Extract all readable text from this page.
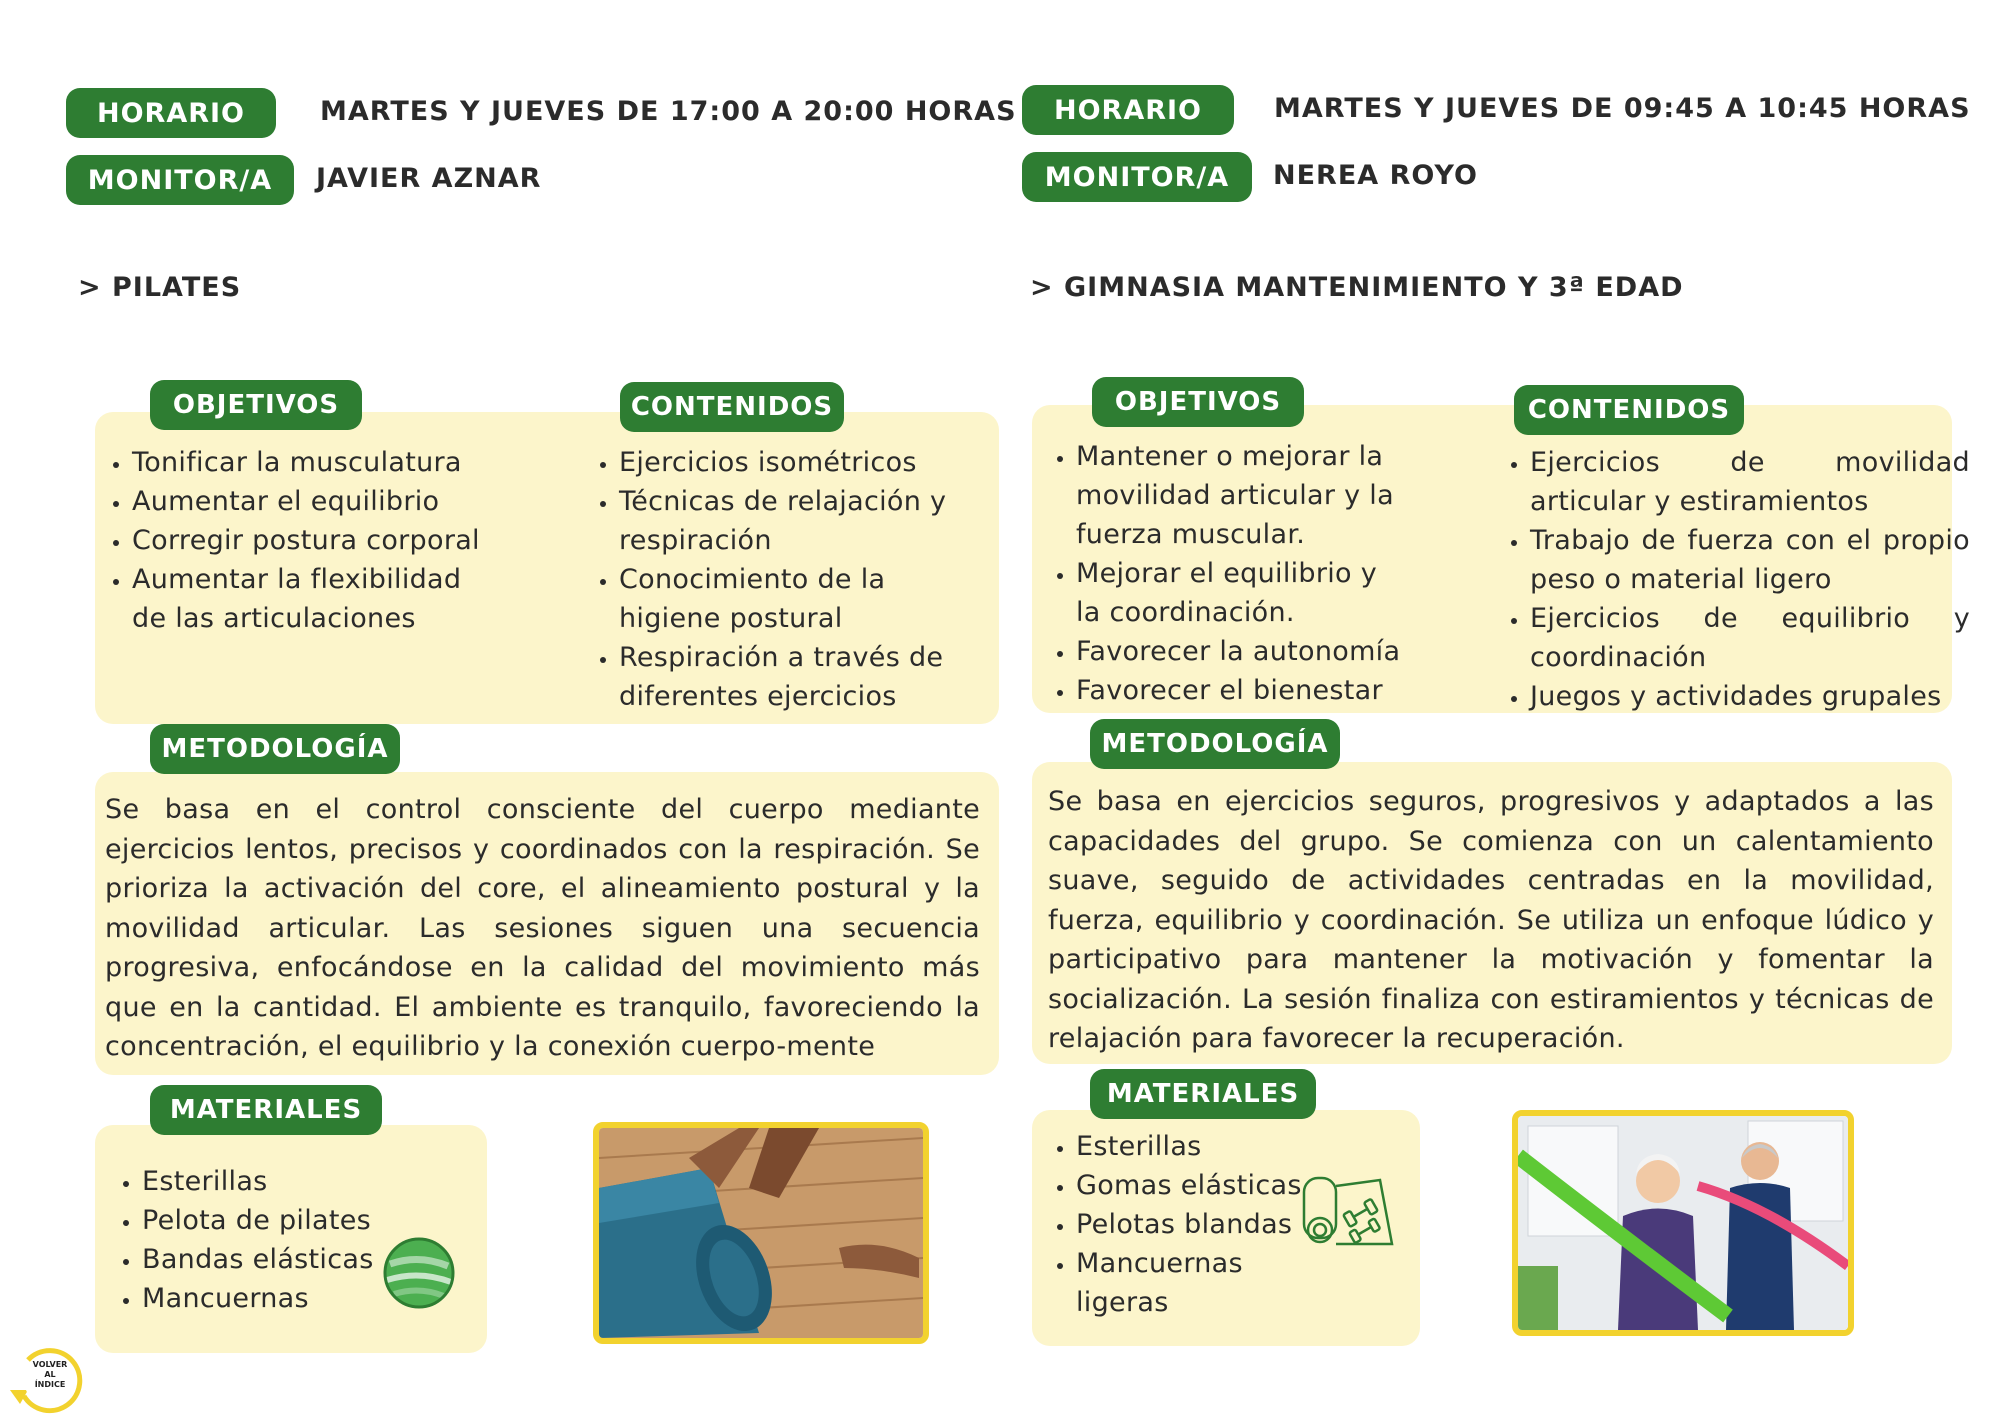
HORARIO	MARTES Y JUEVES DE 17:00 A 20:00 HORAS
MONITOR/A	JAVIER AZNAR
> PILATES
HORARIO	MARTES Y JUEVES DE 09:45 A 10:45 HORAS
MONITOR/A	NEREA ROYO
> GIMNASIA MANTENIMIENTO Y 3ª EDAD
OBJETIVOS	CONTENIDOS
• Tonificar la musculatura
• Aumentar el equilibrio
• Corregir postura corporal
• Aumentar la flexibilidad de las articulaciones
• Ejercicios isométricos
• Técnicas de relajación y respiración
• Conocimiento de la higiene postural
• Respiración a través de diferentes ejercicios
METODOLOGÍA
Se basa en el control consciente del cuerpo mediante ejercicios lentos, precisos y coordinados con la respiración. Se prioriza la activación del core, el alineamiento postural y la movilidad articular. Las sesiones siguen una secuencia progresiva, enfocándose en la calidad del movimiento más que en la cantidad. El ambiente es tranquilo, favoreciendo la concentración, el equilibrio y la conexión cuerpo-mente
MATERIALES
• Esterillas
• Pelota de pilates
• Bandas elásticas
• Mancuernas
OBJETIVOS	CONTENIDOS
• Mantener o mejorar la movilidad articular y la fuerza muscular.
• Mejorar el equilibrio y la coordinación.
• Favorecer la autonomía
• Favorecer el bienestar
• Ejercicios de movilidad articular y estiramientos
• Trabajo de fuerza con el propio peso o material ligero
• Ejercicios de equilibrio y coordinación
• Juegos y actividades grupales
METODOLOGÍA
Se basa en ejercicios seguros, progresivos y adaptados a las capacidades del grupo. Se comienza con un calentamiento suave, seguido de actividades centradas en la movilidad, fuerza, equilibrio y coordinación. Se utiliza un enfoque lúdico y participativo para mantener la motivación y fomentar la socialización. La sesión finaliza con estiramientos y técnicas de relajación para favorecer la recuperación.
MATERIALES
• Esterillas
• Gomas elásticas
• Pelotas blandas
• Mancuernas ligeras
VOLVER
AL
ÍNDICE
